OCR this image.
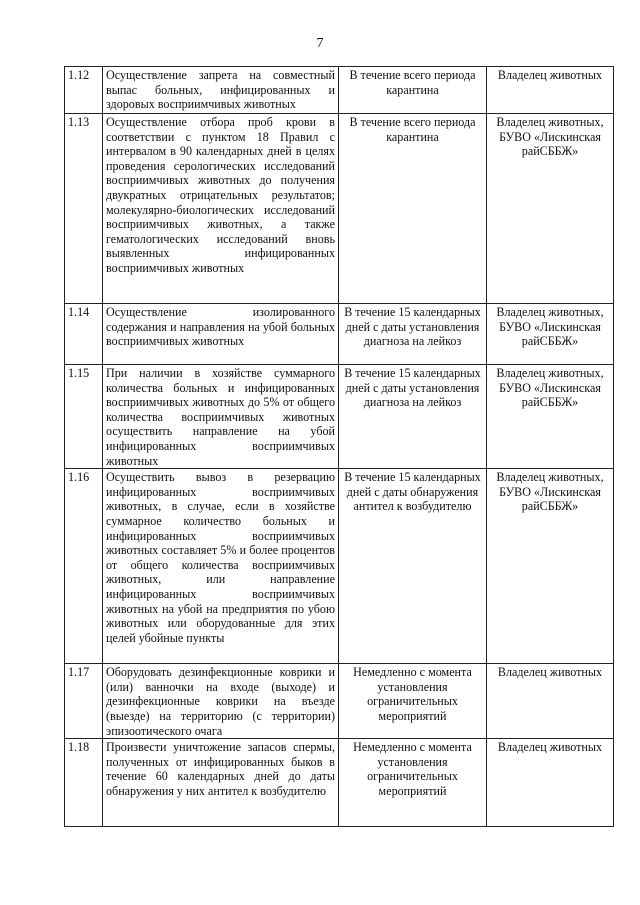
7
1.12	Осуществление запрета на совместный выпас больных, инфицированных и здоровых восприимчивых животных	В течение всего периода карантина	Владелец животных
1.13	Осуществление отбора проб крови в соответствии с пунктом 18 Правил с интервалом в 90 календарных дней в целях проведения серологических исследований восприимчивых животных до получения двукратных отрицательных результатов; молекулярно-биологических исследований восприимчивых животных, а также гематологических исследований вновь выявленных инфицированных восприимчивых животных	В течение всего периода карантина	Владелец животных, БУВО «Лискинская райСББЖ»
1.14	Осуществление изолированного содержания и направления на убой больных восприимчивых животных	В течение 15 календарных дней с даты установления диагноза на лейкоз	Владелец животных, БУВО «Лискинская райСББЖ»
1.15	При наличии в хозяйстве суммарного количества больных и инфицированных восприимчивых животных до 5% от общего количества восприимчивых животных осуществить направление на убой инфицированных восприимчивых животных	В течение 15 календарных дней с даты установления диагноза на лейкоз	Владелец животных, БУВО «Лискинская райСББЖ»
1.16	Осуществить вывоз в резервацию инфицированных восприимчивых животных, в случае, если в хозяйстве суммарное количество больных и инфицированных восприимчивых животных составляет 5% и более процентов от общего количества восприимчивых животных, или направление инфицированных восприимчивых животных на убой на предприятия по убою животных или оборудованные для этих целей убойные пункты	В течение 15 календарных дней с даты обнаружения антител к возбудителю	Владелец животных, БУВО «Лискинская райСББЖ»
1.17	Оборудовать дезинфекционные коврики и (или) ванночки на входе (выходе) и дезинфекционные коврики на въезде (выезде) на территорию (с территории) эпизоотического очага	Немедленно с момента установления ограничительных мероприятий	Владелец животных
1.18	Произвести уничтожение запасов спермы, полученных от инфицированных быков в течение 60 календарных дней до даты обнаружения у них антител к возбудителю	Немедленно с момента установления ограничительных мероприятий	Владелец животных
